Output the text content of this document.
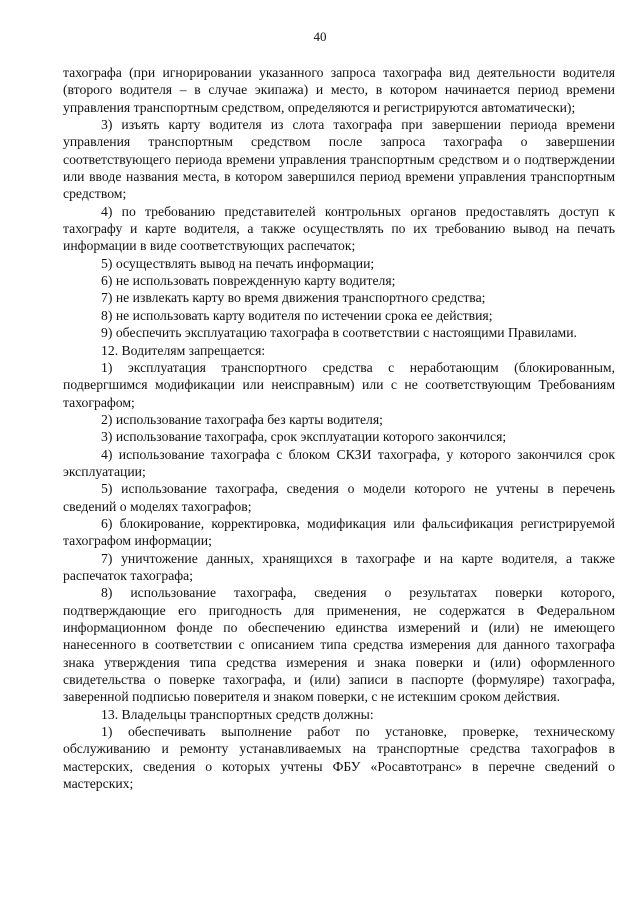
40

тахографа (при игнорировании указанного запроса тахографа вид деятельности водителя (второго водителя – в случае экипажа) и место, в котором начинается период времени управления транспортным средством, определяются и регистрируются автоматически);

3) изъять карту водителя из слота тахографа при завершении периода времени управления транспортным средством после запроса тахографа о завершении соответствующего периода времени управления транспортным средством и о подтверждении или вводе названия места, в котором завершился период времени управления транспортным средством;

4) по требованию представителей контрольных органов предоставлять доступ к тахографу и карте водителя, а также осуществлять по их требованию вывод на печать информации в виде соответствующих распечаток;

5) осуществлять вывод на печать информации;

6) не использовать поврежденную карту водителя;

7) не извлекать карту во время движения транспортного средства;

8) не использовать карту водителя по истечении срока ее действия;

9) обеспечить эксплуатацию тахографа в соответствии с настоящими Правилами.

12. Водителям запрещается:

1) эксплуатация транспортного средства с неработающим (блокированным, подвергшимся модификации или неисправным) или с не соответствующим Требованиям тахографом;

2) использование тахографа без карты водителя;

3) использование тахографа, срок эксплуатации которого закончился;

4) использование тахографа с блоком СКЗИ тахографа, у которого закончился срок эксплуатации;

5) использование тахографа, сведения о модели которого не учтены в перечень сведений о моделях тахографов;

6) блокирование, корректировка, модификация или фальсификация регистрируемой тахографом информации;

7) уничтожение данных, хранящихся в тахографе и на карте водителя, а также распечаток тахографа;

8) использование тахографа, сведения о результатах поверки которого, подтверждающие его пригодность для применения, не содержатся в Федеральном информационном фонде по обеспечению единства измерений и (или) не имеющего нанесенного в соответствии с описанием типа средства измерения для данного тахографа знака утверждения типа средства измерения и знака поверки и (или) оформленного свидетельства о поверке тахографа, и (или) записи в паспорте (формуляре) тахографа, заверенной подписью поверителя и знаком поверки, с не истекшим сроком действия.

13. Владельцы транспортных средств должны:

1) обеспечивать выполнение работ по установке, проверке, техническому обслуживанию и ремонту устанавливаемых на транспортные средства тахографов в мастерских, сведения о которых учтены ФБУ «Росавтотранс» в перечне сведений о мастерских;
